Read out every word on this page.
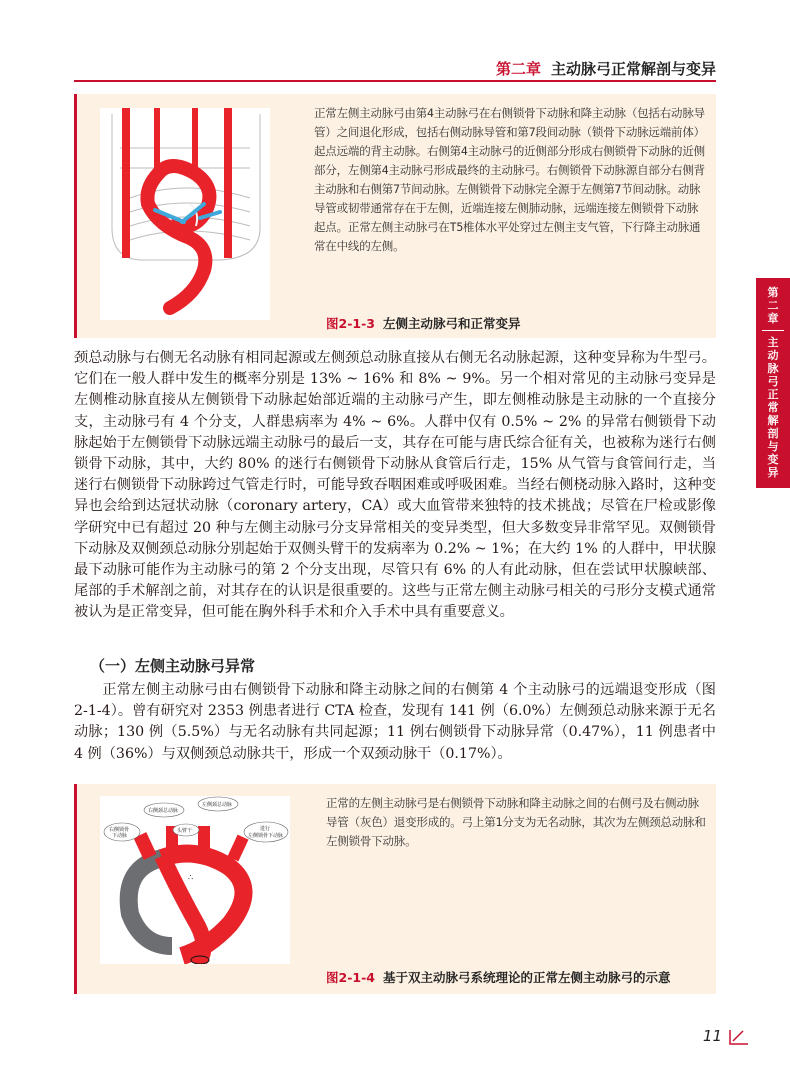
第二章 主动脉弓正常解剖与变异
第二章
主动脉弓正常解剖与变异
正常左侧主动脉弓由第4主动脉弓在右侧锁骨下动脉和降主动脉（包括右动脉导管）之间退化形成，包括右侧动脉导管和第7段间动脉（锁骨下动脉远端前体）起点远端的背主动脉。右侧第4主动脉弓的近侧部分形成右侧锁骨下动脉的近侧部分，左侧第4主动脉弓形成最终的主动脉弓。右侧锁骨下动脉源自部分右侧背主动脉和右侧第7节间动脉。左侧锁骨下动脉完全源于左侧第7节间动脉。动脉导管或韧带通常存在于左侧，近端连接左侧肺动脉，远端连接左侧锁骨下动脉起点。正常左侧主动脉弓在T5椎体水平处穿过左侧主支气管，下行降主动脉通常在中线的左侧。
图2-1-3 左侧主动脉弓和正常变异

颈总动脉与右侧无名动脉有相同起源或左侧颈总动脉直接从右侧无名动脉起源，这种变异称为牛型弓。它们在一般人群中发生的概率分别是 13% ~ 16% 和 8% ~ 9%。另一个相对常见的主动脉弓变异是左侧椎动脉直接从左侧锁骨下动脉起始部近端的主动脉弓产生，即左侧椎动脉是主动脉的一个直接分支，主动脉弓有 4 个分支，人群患病率为 4% ~ 6%。人群中仅有 0.5% ~ 2% 的异常右侧锁骨下动脉起始于左侧锁骨下动脉远端主动脉弓的最后一支，其存在可能与唐氏综合征有关，也被称为迷行右侧锁骨下动脉，其中，大约 80% 的迷行右侧锁骨下动脉从食管后行走，15% 从气管与食管间行走，当迷行右侧锁骨下动脉跨过气管走行时，可能导致吞咽困难或呼吸困难。当经右侧桡动脉入路时，这种变异也会给到达冠状动脉（coronary artery，CA）或大血管带来独特的技术挑战；尽管在尸检或影像学研究中已有超过 20 种与左侧主动脉弓分支异常相关的变异类型，但大多数变异非常罕见。双侧锁骨下动脉及双侧颈总动脉分别起始于双侧头臂干的发病率为 0.2% ~ 1%；在大约 1% 的人群中，甲状腺最下动脉可能作为主动脉弓的第 2 个分支出现，尽管只有 6% 的人有此动脉，但在尝试甲状腺峡部、尾部的手术解剖之前，对其存在的认识是很重要的。这些与正常左侧主动脉弓相关的弓形分支模式通常被认为是正常变异，但可能在胸外科手术和介入手术中具有重要意义。

（一）左侧主动脉弓异常

正常左侧主动脉弓由右侧锁骨下动脉和降主动脉之间的右侧第 4 个主动脉弓的远端退变形成（图 2-1-4）。曾有研究对 2353 例患者进行 CTA 检查，发现有 141 例（6.0%）左侧颈总动脉来源于无名动脉；130 例（5.5%）与无名动脉有共同起源；11 例右侧锁骨下动脉异常（0.47%），11 例患者中 4 例（36%）与双侧颈总动脉共干，形成一个双颈动脉干（0.17%）。

∴
右侧锁骨
下动脉
右侧颈总动脉
左侧颈总动脉
头臂干	进行
左侧锁骨下动脉
正常的左侧主动脉弓是右侧锁骨下动脉和降主动脉之间的右侧弓及右侧动脉导管（灰色）退变形成的。弓上第1分支为无名动脉，其次为左侧颈总动脉和左侧锁骨下动脉。
图2-1-4 基于双主动脉弓系统理论的正常左侧主动脉弓的示意
11
